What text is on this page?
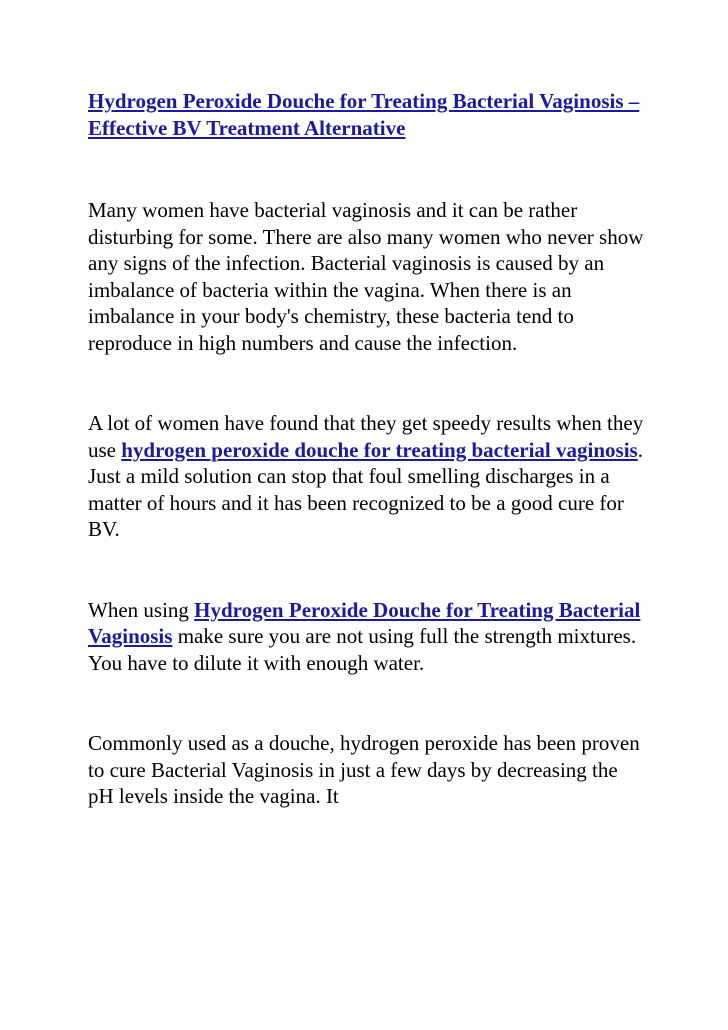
Hydrogen Peroxide Douche for Treating Bacterial Vaginosis – Effective BV Treatment Alternative

Many women have bacterial vaginosis and it can be rather disturbing for some. There are also many women who never show any signs of the infection. Bacterial vaginosis is caused by an imbalance of bacteria within the vagina. When there is an imbalance in your body's chemistry, these bacteria tend to reproduce in high numbers and cause the infection.

A lot of women have found that they get speedy results when they use hydrogen peroxide douche for treating bacterial vaginosis. Just a mild solution can stop that foul smelling discharges in a matter of hours and it has been recognized to be a good cure for BV.

When using Hydrogen Peroxide Douche for Treating Bacterial Vaginosis make sure you are not using full the strength mixtures. You have to dilute it with enough water.

Commonly used as a douche, hydrogen peroxide has been proven to cure Bacterial Vaginosis in just a few days by decreasing the pH levels inside the vagina. It
